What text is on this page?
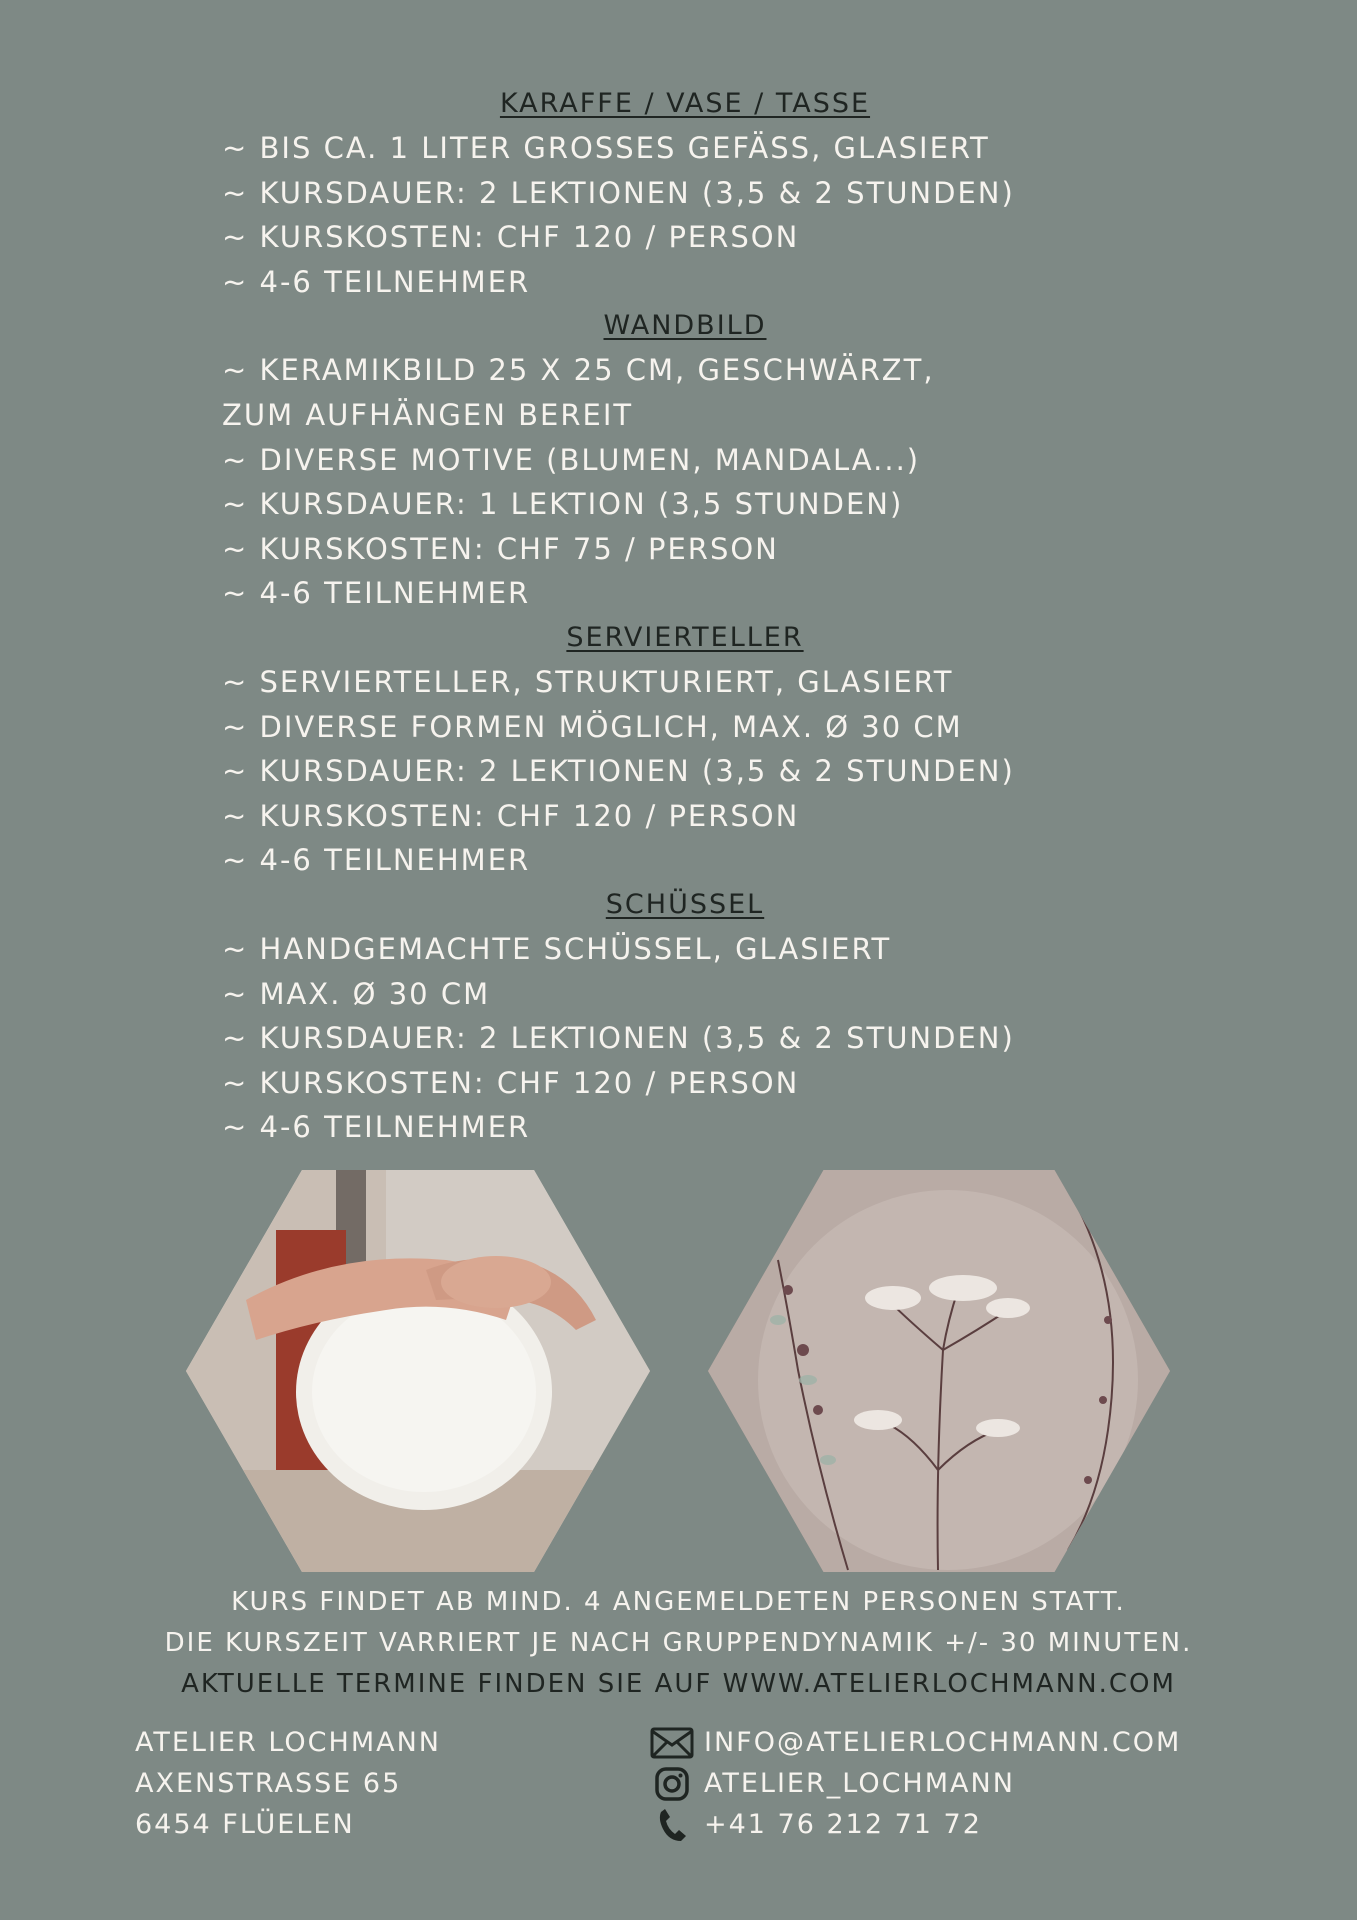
KARAFFE / VASE / TASSE
~ BIS CA. 1 LITER GROSSES GEFÄSS, GLASIERT
~ KURSDAUER: 2 LEKTIONEN (3,5 & 2 STUNDEN)
~ KURSKOSTEN: CHF 120 / PERSON
~ 4-6 TEILNEHMER
WANDBILD
~ KERAMIKBILD 25 X 25 CM, GESCHWÄRZT,
ZUM AUFHÄNGEN BEREIT
~ DIVERSE MOTIVE (BLUMEN, MANDALA...)
~ KURSDAUER: 1 LEKTION (3,5 STUNDEN)
~ KURSKOSTEN: CHF 75 / PERSON
~ 4-6 TEILNEHMER
SERVIERTELLER
~ SERVIERTELLER, STRUKTURIERT, GLASIERT
~ DIVERSE FORMEN MÖGLICH, MAX. Ø 30 CM
~ KURSDAUER: 2 LEKTIONEN (3,5 & 2 STUNDEN)
~ KURSKOSTEN: CHF 120 / PERSON
~ 4-6 TEILNEHMER
SCHÜSSEL
~ HANDGEMACHTE SCHÜSSEL, GLASIERT
~ MAX. Ø 30 CM
~ KURSDAUER: 2 LEKTIONEN (3,5 & 2 STUNDEN)
~ KURSKOSTEN: CHF 120 / PERSON
~ 4-6 TEILNEHMER
KURS FINDET AB MIND. 4 ANGEMELDETEN PERSONEN STATT.
DIE KURSZEIT VARRIERT JE NACH GRUPPENDYNAMIK +/- 30 MINUTEN.
AKTUELLE TERMINE FINDEN SIE AUF WWW.ATELIERLOCHMANN.COM
ATELIER LOCHMANN
AXENSTRASSE 65
6454 FLÜELEN
INFO@ATELIERLOCHMANN.COM
ATELIER_LOCHMANN
+41 76 212 71 72
